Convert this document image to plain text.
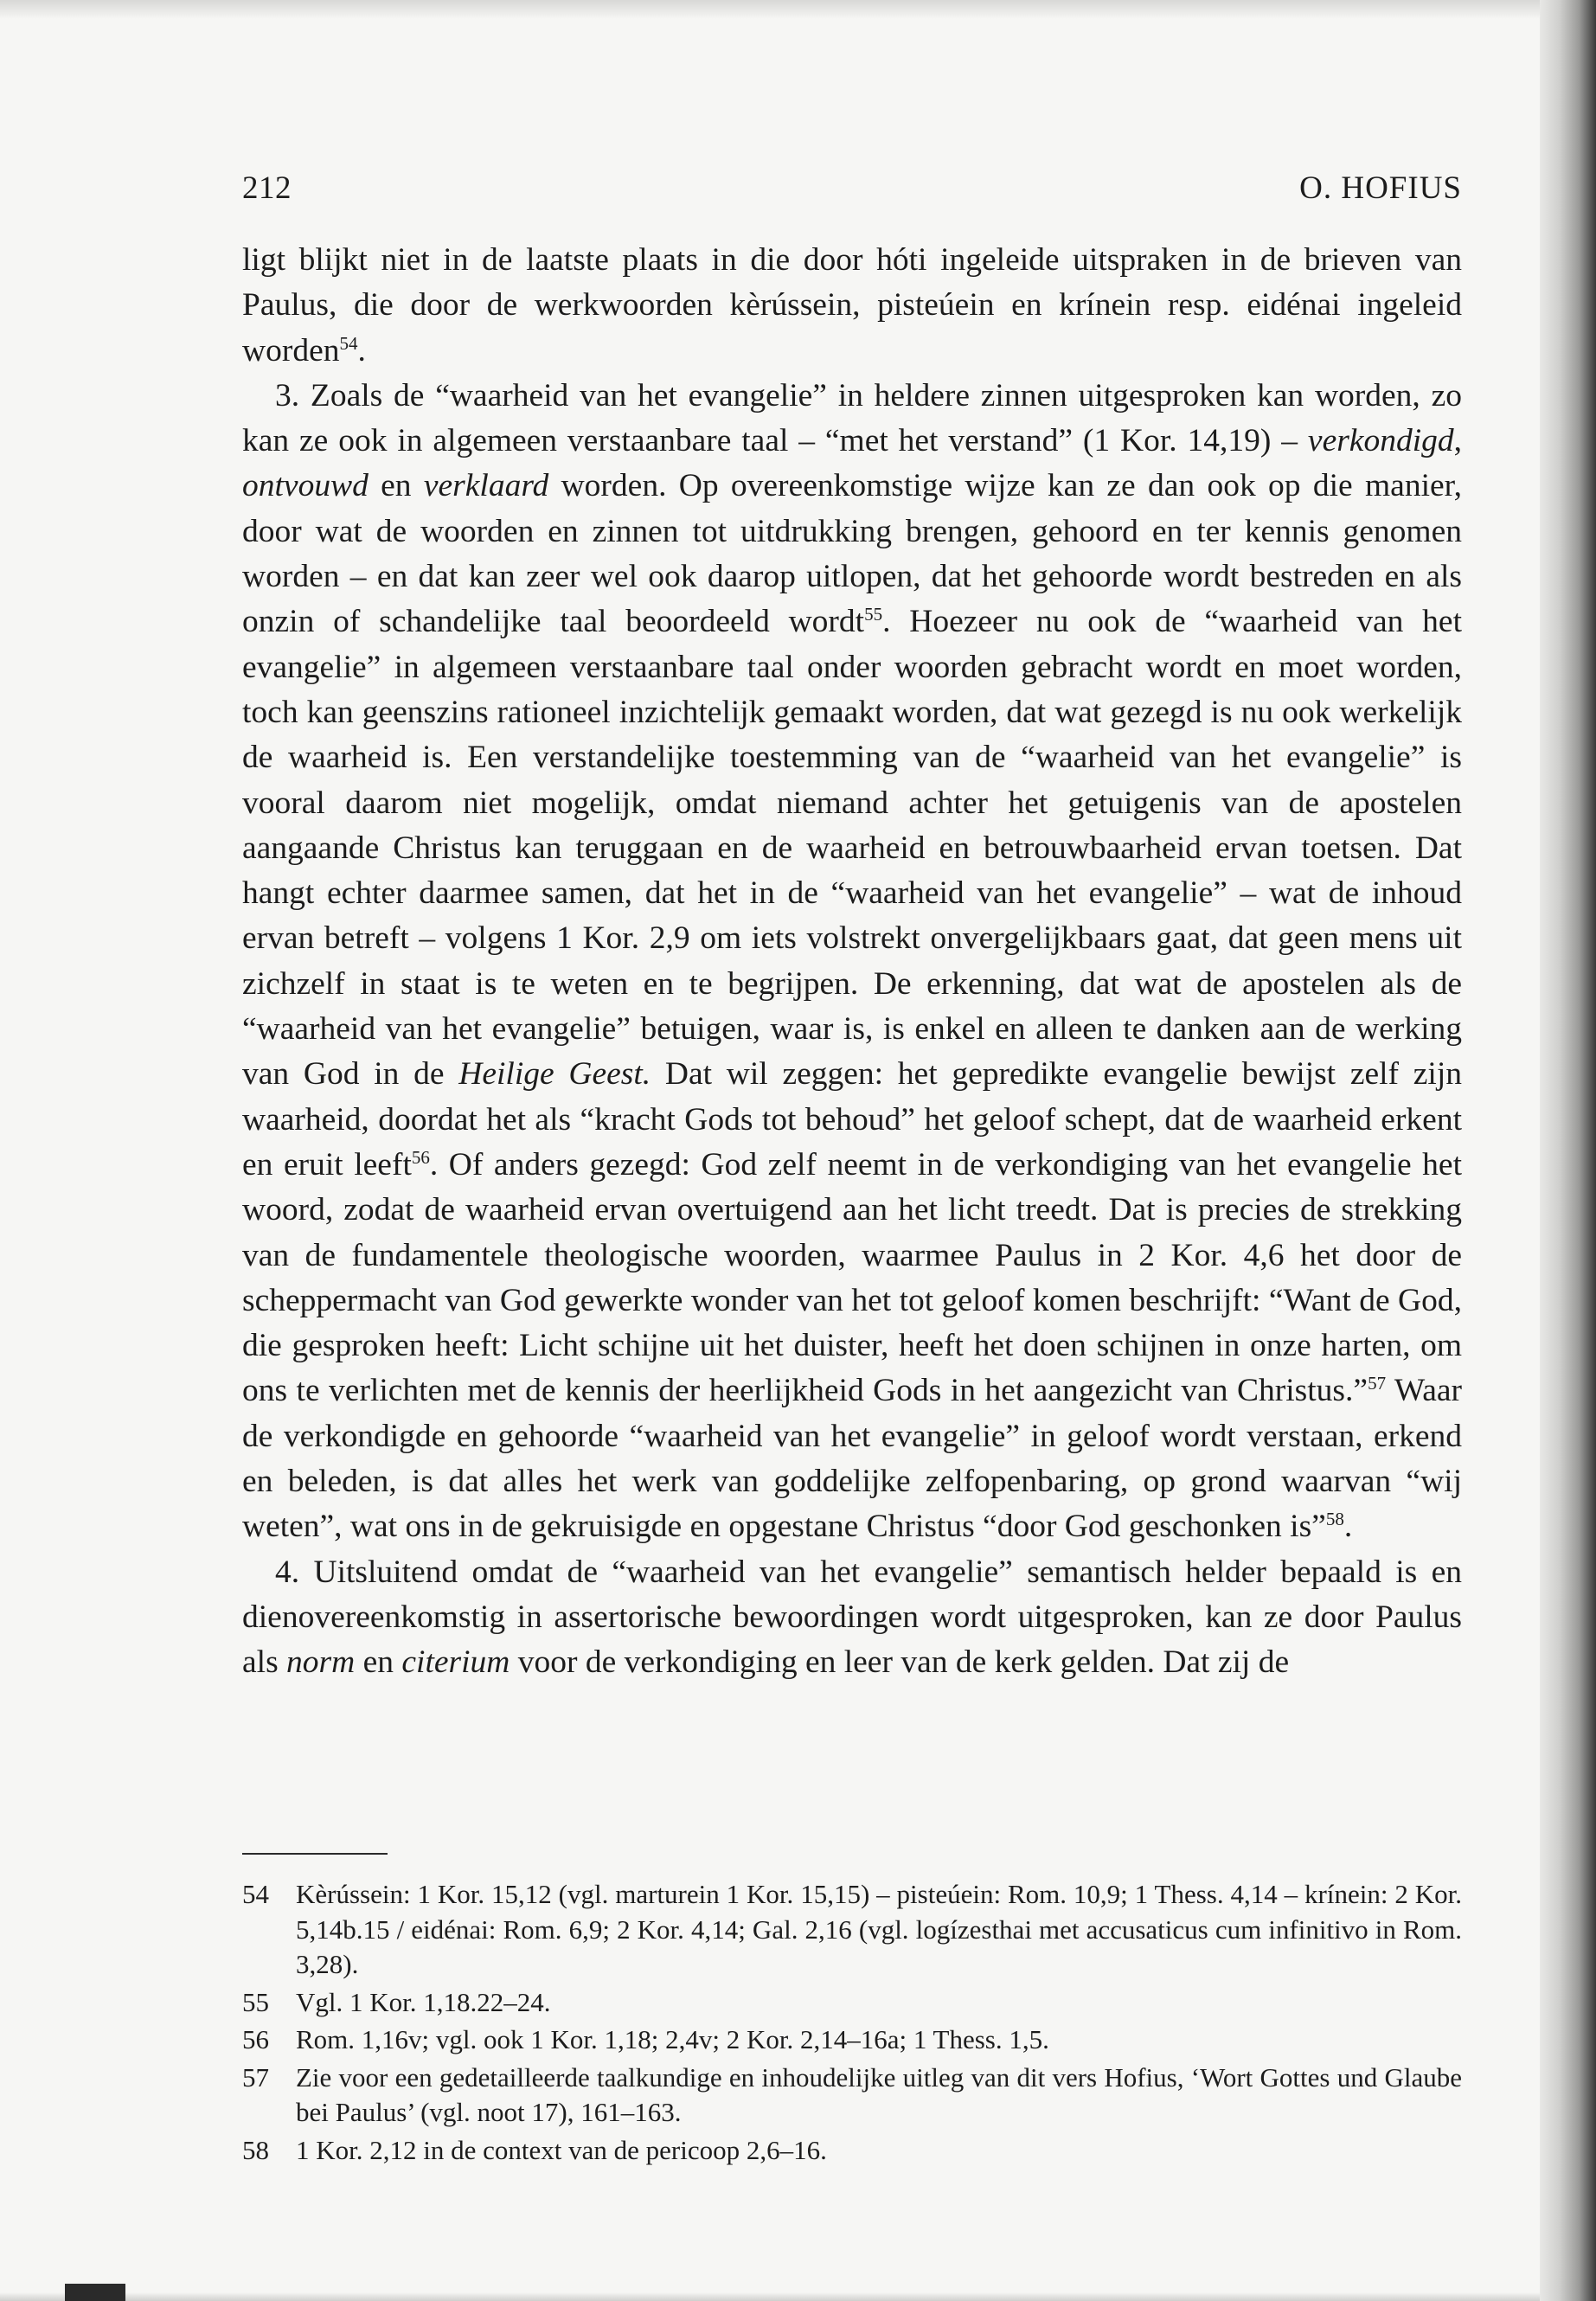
212	O. HOFIUS

ligt blijkt niet in de laatste plaats in die door hóti ingeleide uitspraken in de brieven van Paulus, die door de werkwoorden kèrússein, pisteúein en krínein resp. eidénai ingeleid worden$^{54}$.

3. Zoals de “waarheid van het evangelie” in heldere zinnen uitgesproken kan worden, zo kan ze ook in algemeen verstaanbare taal – “met het verstand” (1 Kor. 14,19) – verkondigd, ontvouwd en verklaard worden. Op overeenkomstige wijze kan ze dan ook op die manier, door wat de woorden en zinnen tot uitdrukking brengen, gehoord en ter kennis genomen worden – en dat kan zeer wel ook daarop uitlopen, dat het gehoorde wordt bestreden en als onzin of schandelijke taal beoordeeld wordt$^{55}$. Hoezeer nu ook de “waarheid van het evangelie” in algemeen verstaanbare taal onder woorden gebracht wordt en moet worden, toch kan geenszins rationeel inzichtelijk gemaakt worden, dat wat gezegd is nu ook werkelijk de waarheid is. Een verstandelijke toestemming van de “waarheid van het evangelie” is vooral daarom niet mogelijk, omdat niemand achter het getuigenis van de apostelen aangaande Christus kan teruggaan en de waarheid en betrouwbaarheid ervan toetsen. Dat hangt echter daarmee samen, dat het in de “waarheid van het evangelie” – wat de inhoud ervan betreft – volgens 1 Kor. 2,9 om iets volstrekt onvergelijkbaars gaat, dat geen mens uit zichzelf in staat is te weten en te begrijpen. De erkenning, dat wat de apostelen als de “waarheid van het evangelie” betuigen, waar is, is enkel en alleen te danken aan de werking van God in de Heilige Geest. Dat wil zeggen: het gepredikte evangelie bewijst zelf zijn waarheid, doordat het als “kracht Gods tot behoud” het geloof schept, dat de waarheid erkent en eruit leeft$^{56}$. Of anders gezegd: God zelf neemt in de verkondiging van het evangelie het woord, zodat de waarheid ervan overtuigend aan het licht treedt. Dat is precies de strekking van de fundamentele theologische woorden, waarmee Paulus in 2 Kor. 4,6 het door de scheppermacht van God gewerkte wonder van het tot geloof komen beschrijft: “Want de God, die gesproken heeft: Licht schijne uit het duister, heeft het doen schijnen in onze harten, om ons te verlichten met de kennis der heerlijkheid Gods in het aangezicht van Christus.”$^{57}$ Waar de verkondigde en gehoorde “waarheid van het evangelie” in geloof wordt verstaan, erkend en beleden, is dat alles het werk van goddelijke zelfopenbaring, op grond waarvan “wij weten”, wat ons in de gekruisigde en opgestane Christus “door God geschonken is”$^{58}$.

4. Uitsluitend omdat de “waarheid van het evangelie” semantisch helder bepaald is en dienovereenkomstig in assertorische bewoordingen wordt uitgesproken, kan ze door Paulus als norm en citerium voor de verkondiging en leer van de kerk gelden. Dat zij de

54	Kèrússein: 1 Kor. 15,12 (vgl. marturein 1 Kor. 15,15) – pisteúein: Rom. 10,9; 1 Thess. 4,14 – krínein: 2 Kor. 5,14b.15 / eidénai: Rom. 6,9; 2 Kor. 4,14; Gal. 2,16 (vgl. logízesthai met accusaticus cum infinitivo in Rom. 3,28).
55	Vgl. 1 Kor. 1,18.22–24.
56	Rom. 1,16v; vgl. ook 1 Kor. 1,18; 2,4v; 2 Kor. 2,14–16a; 1 Thess. 1,5.
57	Zie voor een gedetailleerde taalkundige en inhoudelijke uitleg van dit vers Hofius, ‘Wort Gottes und Glaube bei Paulus’ (vgl. noot 17), 161–163.
58	1 Kor. 2,12 in de context van de pericoop 2,6–16.
